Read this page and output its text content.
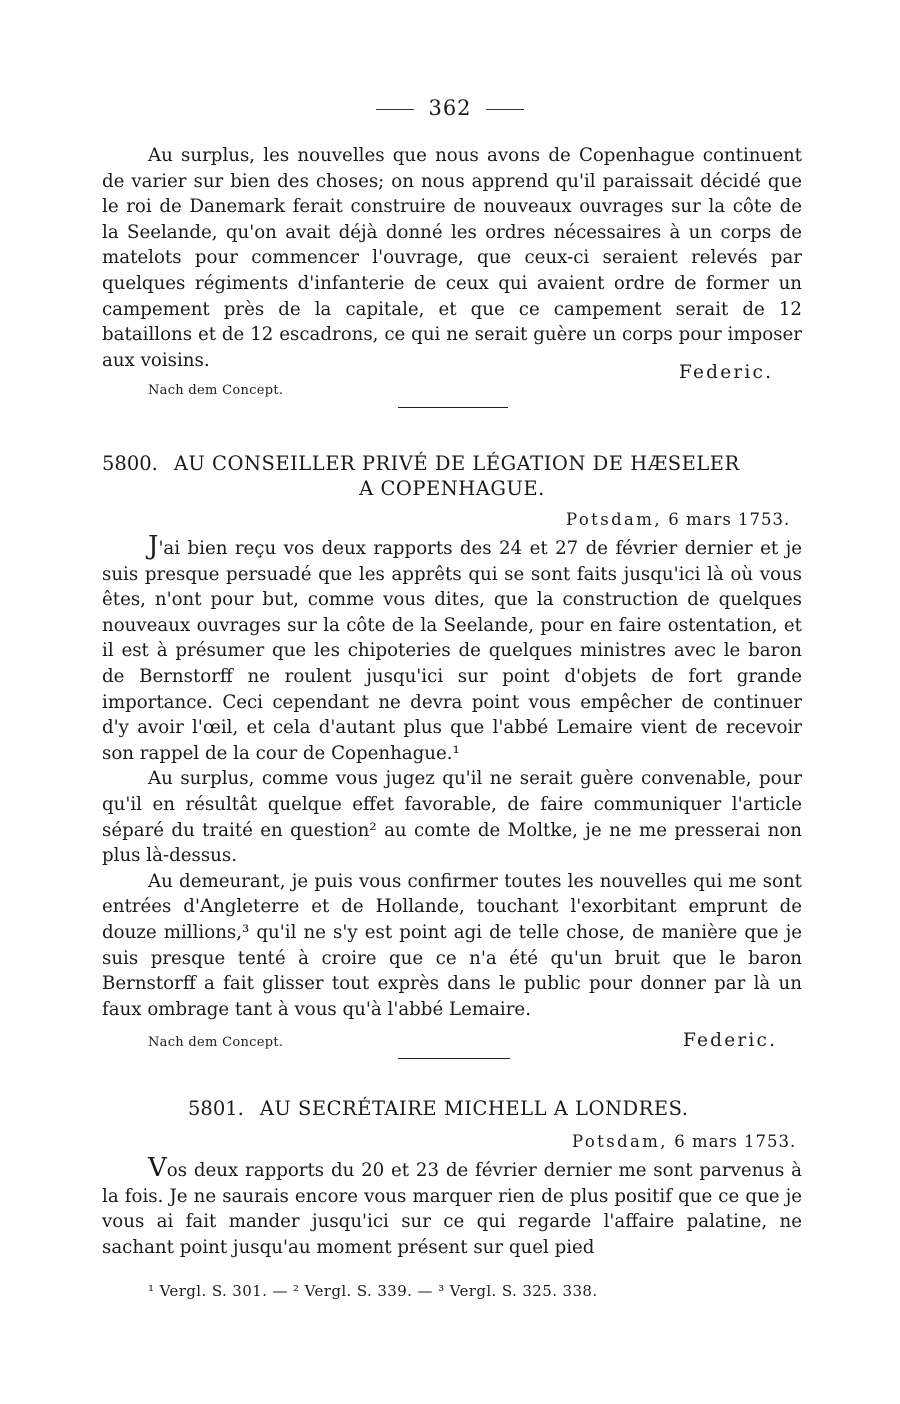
362

Au surplus, les nouvelles que nous avons de Copenhague continuent de varier sur bien des choses; on nous apprend qu'il paraissait décidé que le roi de Danemark ferait construire de nouveaux ouvrages sur la côte de la Seelande, qu'on avait déjà donné les ordres nécessaires à un corps de matelots pour commencer l'ouvrage, que ceux-ci seraient relevés par quelques régiments d'infanterie de ceux qui avaient ordre de former un campement près de la capitale, et que ce campement serait de 12 bataillons et de 12 escadrons, ce qui ne serait guère un corps pour imposer aux voisins.

Federic.
Nach dem Concept.
5800. AU CONSEILLER PRIVÉ DE LÉGATION DE HÆSELER
A COPENHAGUE.
Potsdam, 6 mars 1753.

J'ai bien reçu vos deux rapports des 24 et 27 de février dernier et je suis presque persuadé que les apprêts qui se sont faits jusqu'ici là où vous êtes, n'ont pour but, comme vous dites, que la construction de quelques nouveaux ouvrages sur la côte de la Seelande, pour en faire ostentation, et il est à présumer que les chipoteries de quelques ministres avec le baron de Bernstorff ne roulent jusqu'ici sur point d'objets de fort grande importance. Ceci cependant ne devra point vous empêcher de continuer d'y avoir l'œil, et cela d'autant plus que l'abbé Lemaire vient de recevoir son rappel de la cour de Copenhague.¹

Au surplus, comme vous jugez qu'il ne serait guère convenable, pour qu'il en résultât quelque effet favorable, de faire communiquer l'article séparé du traité en question² au comte de Moltke, je ne me presserai non plus là-dessus.

Au demeurant, je puis vous confirmer toutes les nouvelles qui me sont entrées d'Angleterre et de Hollande, touchant l'exorbitant emprunt de douze millions,³ qu'il ne s'y est point agi de telle chose, de manière que je suis presque tenté à croire que ce n'a été qu'un bruit que le baron Bernstorff a fait glisser tout exprès dans le public pour donner par là un faux ombrage tant à vous qu'à l'abbé Lemaire.

Nach dem Concept.	Federic.
5801. AU SECRÉTAIRE MICHELL A LONDRES.
Potsdam, 6 mars 1753.

Vos deux rapports du 20 et 23 de février dernier me sont parvenus à la fois. Je ne saurais encore vous marquer rien de plus positif que ce que je vous ai fait mander jusqu'ici sur ce qui regarde l'affaire palatine, ne sachant point jusqu'au moment présent sur quel pied

¹ Vergl. S. 301. — ² Vergl. S. 339. — ³ Vergl. S. 325. 338.
